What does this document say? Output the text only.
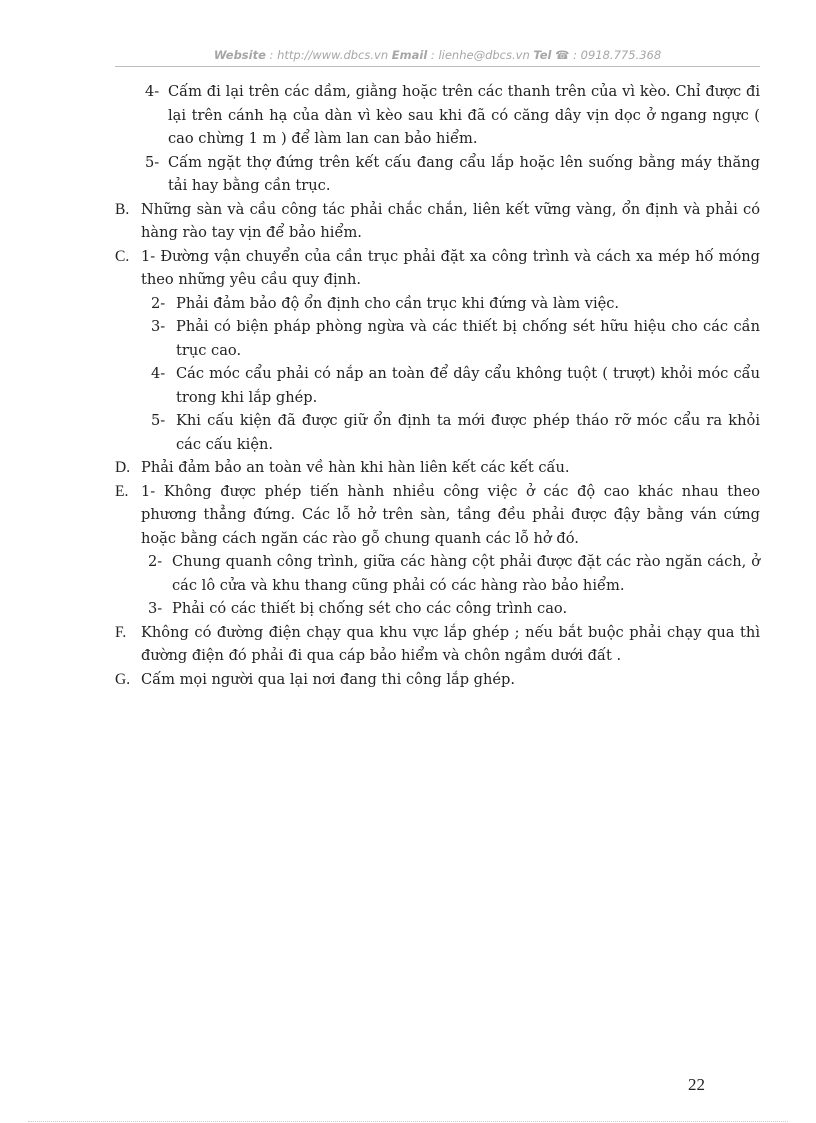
Website : http://www.dbcs.vn Email : lienhe@dbcs.vn Tel ☎ : 0918.775.368
4- Cấm đi lại trên các dầm, giằng hoặc trên các thanh trên của vì kèo. Chỉ được đi lại trên cánh hạ của dàn vì kèo sau khi đã có căng dây vịn dọc ở ngang ngực ( cao chừng 1 m ) để làm lan can bảo hiểm.
5- Cấm ngặt thợ đứng trên kết cấu đang cẩu lắp hoặc lên suống bằng máy thăng tải hay bằng cần trục.
B. Những sàn và cầu công tác phải chắc chắn, liên kết vững vàng, ổn định và phải có hàng rào tay vịn để bảo hiểm.
C. 1- Đường vận chuyển của cần trục phải đặt xa công trình và cách xa mép hố móng theo những yêu cầu quy định.
2- Phải đảm bảo độ ổn định cho cần trục khi đứng và làm việc.
3- Phải có biện pháp phòng ngừa và các thiết bị chống sét hữu hiệu cho các cần trục cao.
4- Các móc cẩu phải có nắp an toàn để dây cẩu không tuột ( trượt) khỏi móc cẩu trong khi lắp ghép.
5- Khi cấu kiện đã được giữ ổn định ta mới được phép tháo rỡ móc cẩu ra khỏi các cấu kiện.
D. Phải đảm bảo an toàn về hàn khi hàn liên kết các kết cấu.
E. 1- Không được phép tiến hành nhiều công việc ở các độ cao khác nhau theo phương thẳng đứng. Các lỗ hở trên sàn, tầng đều phải được đậy bằng ván cứng hoặc bằng cách ngăn các rào gỗ chung quanh các lỗ hở đó.
2- Chung quanh công trình, giữa các hàng cột phải được đặt các rào ngăn cách, ở các lô cửa và khu thang cũng phải có các hàng rào bảo hiểm.
3- Phải có các thiết bị chống sét cho các công trình cao.
F.	Không có đường điện chạy qua khu vực lắp ghép ; nếu bắt buộc phải chạy qua thì đường điện đó phải đi qua cáp bảo hiểm và chôn ngầm dưới đất .
G. Cấm mọi người qua lại nơi đang thi công lắp ghép.
22
